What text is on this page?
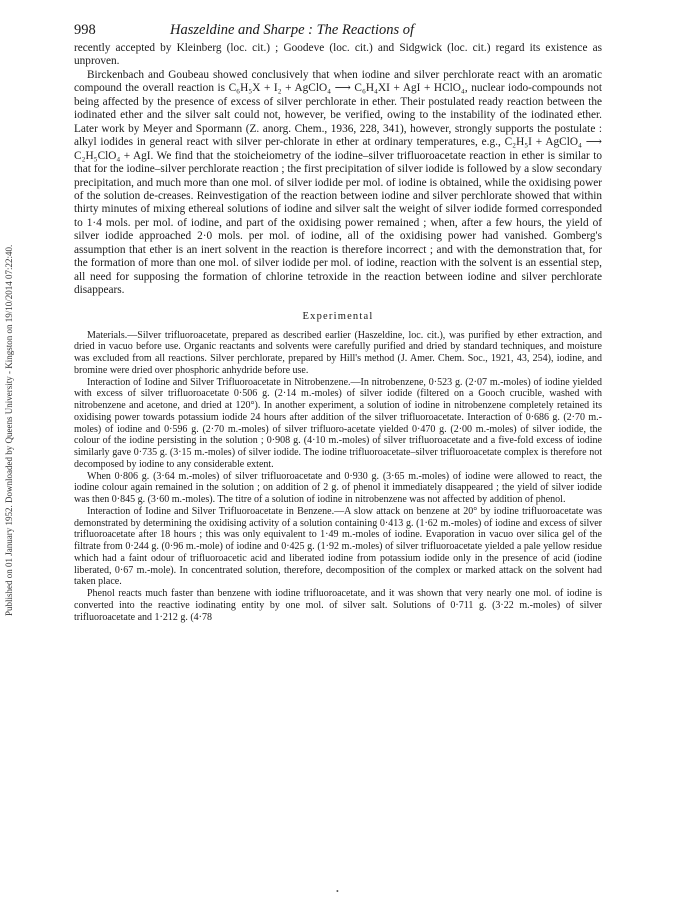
Published on 01 January 1952. Downloaded by Queens University - Kingston on 19/10/2014 07:22:40.
998	Haszeldine and Sharpe : The Reactions of

recently accepted by Kleinberg (loc. cit.) ; Goodeve (loc. cit.) and Sidgwick (loc. cit.) regard its existence as unproven.

Birckenbach and Goubeau showed conclusively that when iodine and silver perchlorate react with an aromatic compound the overall reaction is C₆H₅X + I₂ + AgClO₄ ⟶ C₆H₄XI + AgI + HClO₄, nuclear iodo-compounds not being affected by the presence of excess of silver perchlorate in ether. Their postulated ready reaction between the iodinated ether and the silver salt could not, however, be verified, owing to the instability of the iodinated ether. Later work by Meyer and Spormann (Z. anorg. Chem., 1936, 228, 341), however, strongly supports the postulate : alkyl iodides in general react with silver per-chlorate in ether at ordinary temperatures, e.g., C₂H₅I + AgClO₄ ⟶ C₂H₅ClO₄ + AgI. We find that the stoicheiometry of the iodine–silver trifluoroacetate reaction in ether is similar to that for the iodine–silver perchlorate reaction ; the first precipitation of silver iodide is followed by a slow secondary precipitation, and much more than one mol. of silver iodide per mol. of iodine is obtained, while the oxidising power of the solution de-creases. Reinvestigation of the reaction between iodine and silver perchlorate showed that within thirty minutes of mixing ethereal solutions of iodine and silver salt the weight of silver iodide formed corresponded to 1·4 mols. per mol. of iodine, and part of the oxidising power remained ; when, after a few hours, the yield of silver iodide approached 2·0 mols. per mol. of iodine, all of the oxidising power had vanished. Gomberg's assumption that ether is an inert solvent in the reaction is therefore incorrect ; and with the demonstration that, for the formation of more than one mol. of silver iodide per mol. of iodine, reaction with the solvent is an essential step, all need for supposing the formation of chlorine tetroxide in the reaction between iodine and silver perchlorate disappears.

Experimental

Materials.—Silver trifluoroacetate, prepared as described earlier (Haszeldine, loc. cit.), was purified by ether extraction, and dried in vacuo before use. Organic reactants and solvents were carefully purified and dried by standard techniques, and moisture was excluded from all reactions. Silver perchlorate, prepared by Hill's method (J. Amer. Chem. Soc., 1921, 43, 254), iodine, and bromine were dried over phosphoric anhydride before use.

Interaction of Iodine and Silver Trifluoroacetate in Nitrobenzene.—In nitrobenzene, 0·523 g. (2·07 m.-moles) of iodine yielded with excess of silver trifluoroacetate 0·506 g. (2·14 m.-moles) of silver iodide (filtered on a Gooch crucible, washed with nitrobenzene and acetone, and dried at 120°). In another experiment, a solution of iodine in nitrobenzene completely retained its oxidising power towards potassium iodide 24 hours after addition of the silver trifluoroacetate. Interaction of 0·686 g. (2·70 m.-moles) of iodine and 0·596 g. (2·70 m.-moles) of silver trifluoro-acetate yielded 0·470 g. (2·00 m.-moles) of silver iodide, the colour of the iodine persisting in the solution ; 0·908 g. (4·10 m.-moles) of silver trifluoroacetate and a five-fold excess of iodine similarly gave 0·735 g. (3·15 m.-moles) of silver iodide. The iodine trifluoroacetate–silver trifluoroacetate complex is therefore not decomposed by iodine to any considerable extent.

When 0·806 g. (3·64 m.-moles) of silver trifluoroacetate and 0·930 g. (3·65 m.-moles) of iodine were allowed to react, the iodine colour again remained in the solution ; on addition of 2 g. of phenol it immediately disappeared ; the yield of silver iodide was then 0·845 g. (3·60 m.-moles). The titre of a solution of iodine in nitrobenzene was not affected by addition of phenol.

Interaction of Iodine and Silver Trifluoroacetate in Benzene.—A slow attack on benzene at 20° by iodine trifluoroacetate was demonstrated by determining the oxidising activity of a solution containing 0·413 g. (1·62 m.-moles) of iodine and excess of silver trifluoroacetate after 18 hours ; this was only equivalent to 1·49 m.-moles of iodine. Evaporation in vacuo over silica gel of the filtrate from 0·244 g. (0·96 m.-mole) of iodine and 0·425 g. (1·92 m.-moles) of silver trifluoroacetate yielded a pale yellow residue which had a faint odour of trifluoroacetic acid and liberated iodine from potassium iodide only in the presence of acid (iodine liberated, 0·67 m.-mole). In concentrated solution, therefore, decomposition of the complex or marked attack on the solvent had taken place.

Phenol reacts much faster than benzene with iodine trifluoroacetate, and it was shown that very nearly one mol. of iodine is converted into the reactive iodinating entity by one mol. of silver salt. Solutions of 0·711 g. (3·22 m.-moles) of silver trifluoroacetate and 1·212 g. (4·78

•
